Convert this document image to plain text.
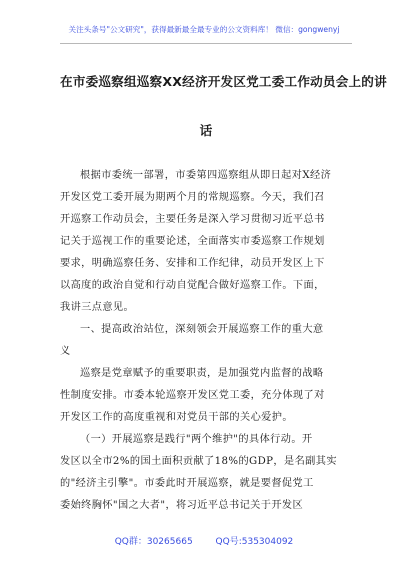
关注头条号"公文研究"，获得最新最全最专业的公文资料库！ 微信：gongwenyj
在市委巡察组巡察XX经济开发区党工委工作动员会上的讲
话
根据市委统一部署，市委第四巡察组从即日起对X经济
开发区党工委开展为期两个月的常规巡察。今天，我们召
开巡察工作动员会，主要任务是深入学习贯彻习近平总书
记关于巡视工作的重要论述，全面落实市委巡察工作规划
要求，明确巡察任务、安排和工作纪律，动员开发区上下
以高度的政治自觉和行动自觉配合做好巡察工作。下面，
我讲三点意见。
一、提高政治站位，深刻领会开展巡察工作的重大意
义
巡察是党章赋予的重要职责，是加强党内监督的战略
性制度安排。市委本轮巡察开发区党工委，充分体现了对
开发区工作的高度重视和对党员干部的关心爱护。
（一）开展巡察是践行"两个维护"的具体行动。开
发区以全市2%的国土面积贡献了18%的GDP，是名副其实
的"经济主引擎"。市委此时开展巡察，就是要督促党工
委始终胸怀"国之大者"，将习近平总书记关于开发区
QQ群：30265665	QQ号:535304092
